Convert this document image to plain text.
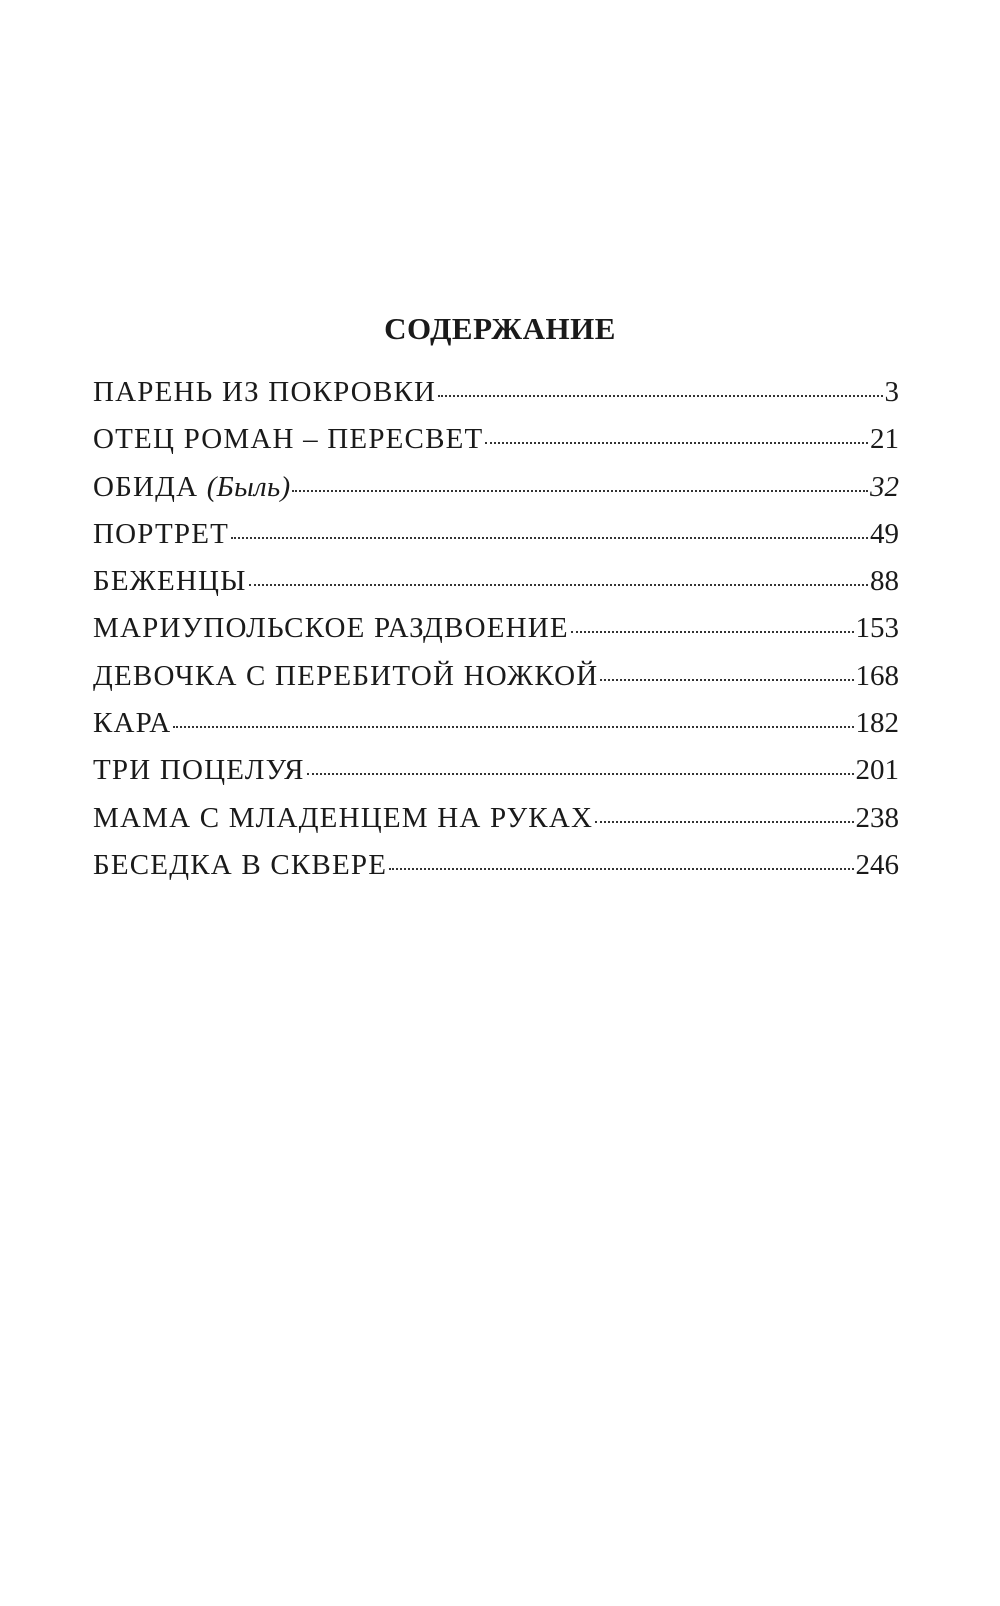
СОДЕРЖАНИЕ
ПАРЕНЬ ИЗ ПОКРОВКИ	3
ОТЕЦ РОМАН – ПЕРЕСВЕТ	21
ОБИДА (Быль)	32
ПОРТРЕТ	49
БЕЖЕНЦЫ	88
МАРИУПОЛЬСКОЕ РАЗДВОЕНИЕ	153
ДЕВОЧКА С ПЕРЕБИТОЙ НОЖКОЙ	168
КАРА	182
ТРИ ПОЦЕЛУЯ	201
МАМА С МЛАДЕНЦЕМ НА РУКАХ	238
БЕСЕДКА В СКВЕРЕ	246
